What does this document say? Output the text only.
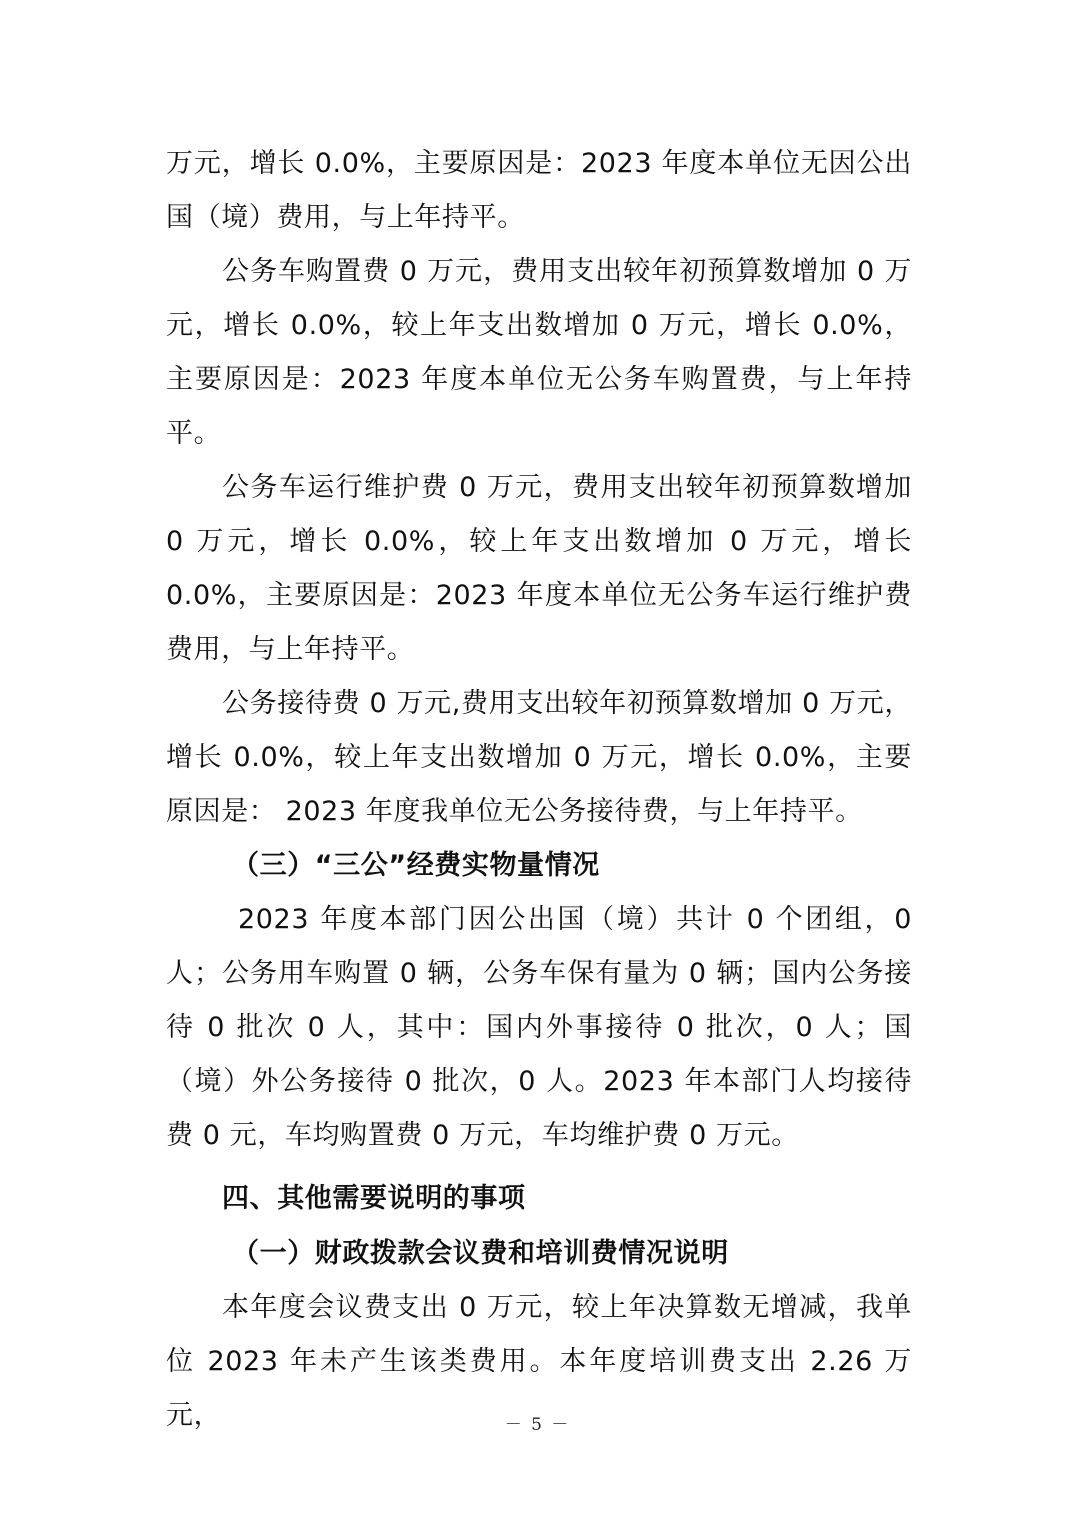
万元，增长 0.0%，主要原因是：2023 年度本单位无因公出国（境）费用，与上年持平。

公务车购置费 0 万元，费用支出较年初预算数增加 0 万元，增长 0.0%，较上年支出数增加 0 万元，增长 0.0%，主要原因是：2023 年度本单位无公务车购置费，与上年持平。

公务车运行维护费 0 万元，费用支出较年初预算数增加 0 万元，增长 0.0%，较上年支出数增加 0 万元，增长 0.0%，主要原因是：2023 年度本单位无公务车运行维护费费用，与上年持平。

公务接待费 0 万元,费用支出较年初预算数增加 0 万元，增长 0.0%，较上年支出数增加 0 万元，增长 0.0%，主要原因是： 2023 年度我单位无公务接待费，与上年持平。

（三）“三公”经费实物量情况

2023 年度本部门因公出国（境）共计 0 个团组，0 人；公务用车购置 0 辆，公务车保有量为 0 辆；国内公务接待 0 批次 0 人，其中：国内外事接待 0 批次，0 人；国（境）外公务接待 0 批次，0 人。2023 年本部门人均接待费 0 元，车均购置费 0 万元，车均维护费 0 万元。

四、其他需要说明的事项

（一）财政拨款会议费和培训费情况说明

本年度会议费支出 0 万元，较上年决算数无增减，我单位 2023 年未产生该类费用。本年度培训费支出 2.26 万元，	－ 5 －
